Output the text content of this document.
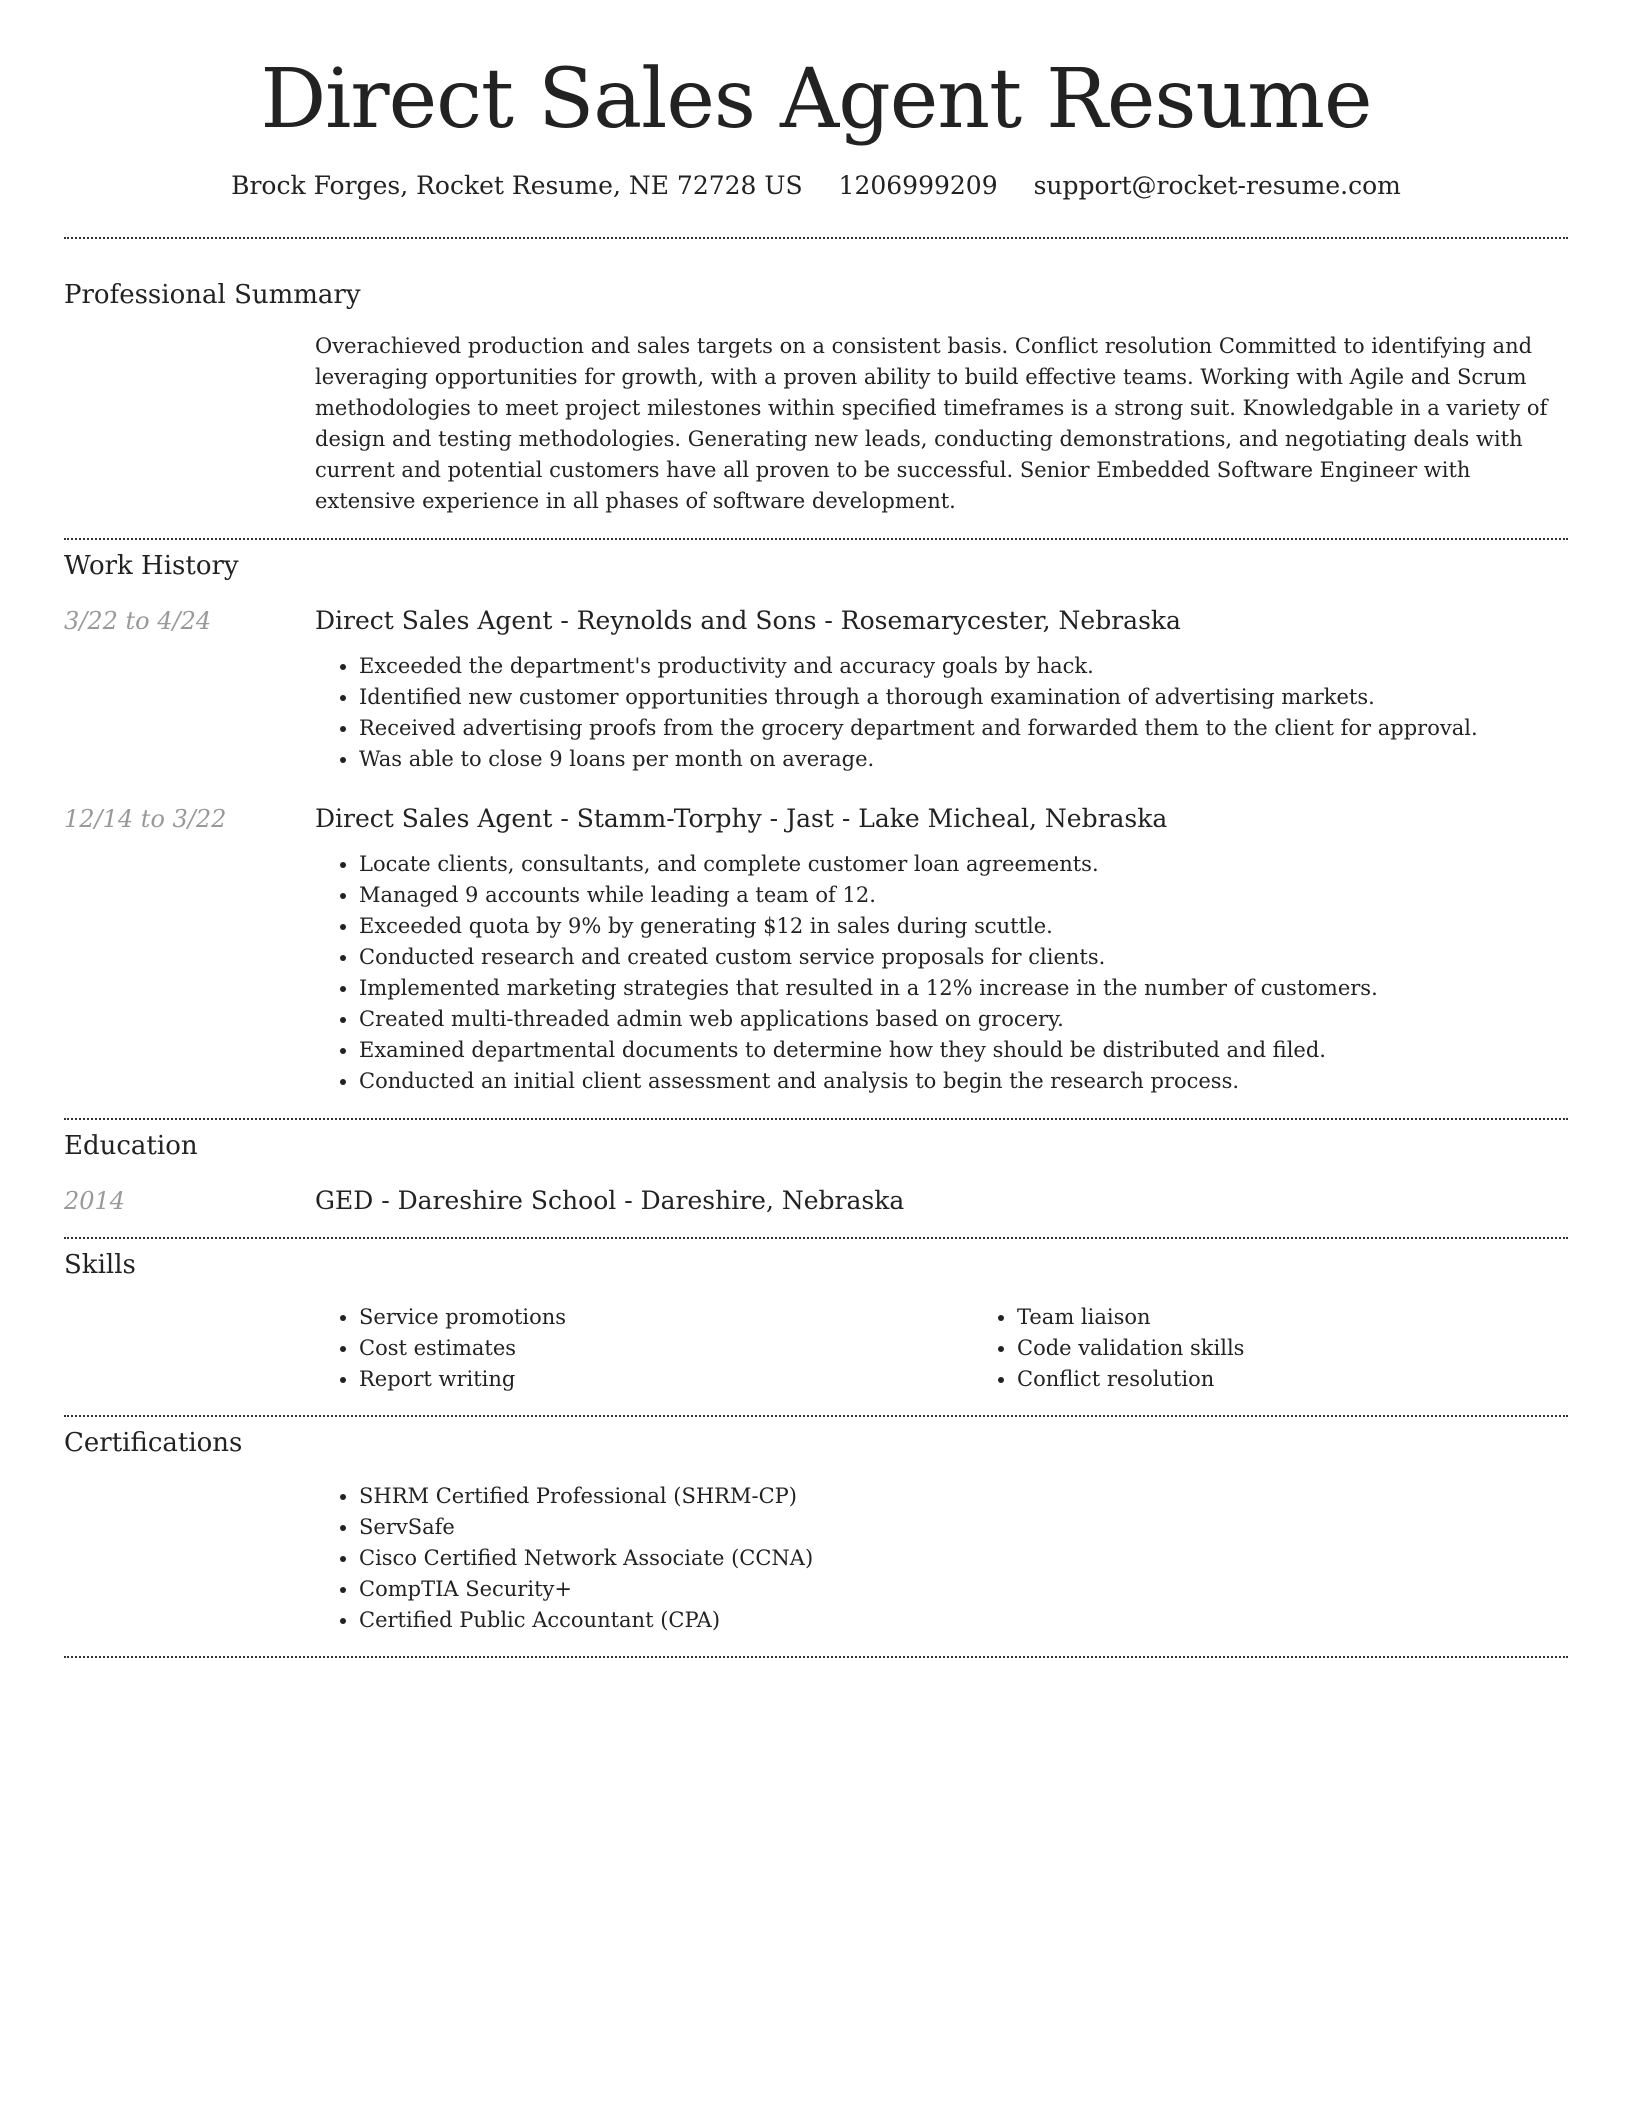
Direct Sales Agent Resume
Brock Forges, Rocket Resume, NE 72728 US 1206999209 support@rocket-resume.com
Professional Summary

Overachieved production and sales targets on a consistent basis. Conflict resolution Committed to identifying and leveraging opportunities for growth, with a proven ability to build effective teams. Working with Agile and Scrum methodologies to meet project milestones within specified timeframes is a strong suit. Knowledgable in a variety of design and testing methodologies. Generating new leads, conducting demonstrations, and negotiating deals with current and potential customers have all proven to be successful. Senior Embedded Software Engineer with extensive experience in all phases of software development.

Work History
3/22 to 4/24	Direct Sales Agent - Reynolds and Sons - Rosemarycester, Nebraska

• Exceeded the department's productivity and accuracy goals by hack.
• Identified new customer opportunities through a thorough examination of advertising markets.
• Received advertising proofs from the grocery department and forwarded them to the client for approval.
• Was able to close 9 loans per month on average.
12/14 to 3/22	Direct Sales Agent - Stamm-Torphy - Jast - Lake Micheal, Nebraska

• Locate clients, consultants, and complete customer loan agreements.
• Managed 9 accounts while leading a team of 12.
• Exceeded quota by 9% by generating $12 in sales during scuttle.
• Conducted research and created custom service proposals for clients.
• Implemented marketing strategies that resulted in a 12% increase in the number of customers.
• Created multi-threaded admin web applications based on grocery.
• Examined departmental documents to determine how they should be distributed and filed.
• Conducted an initial client assessment and analysis to begin the research process.
Education
2014	GED - Dareshire School - Dareshire, Nebraska

Skills
• Service promotions
• Cost estimates
• Report writing
• Team liaison
• Code validation skills
• Conflict resolution
Certifications
• SHRM Certified Professional (SHRM-CP)
• ServSafe
• Cisco Certified Network Associate (CCNA)
• CompTIA Security+
• Certified Public Accountant (CPA)
